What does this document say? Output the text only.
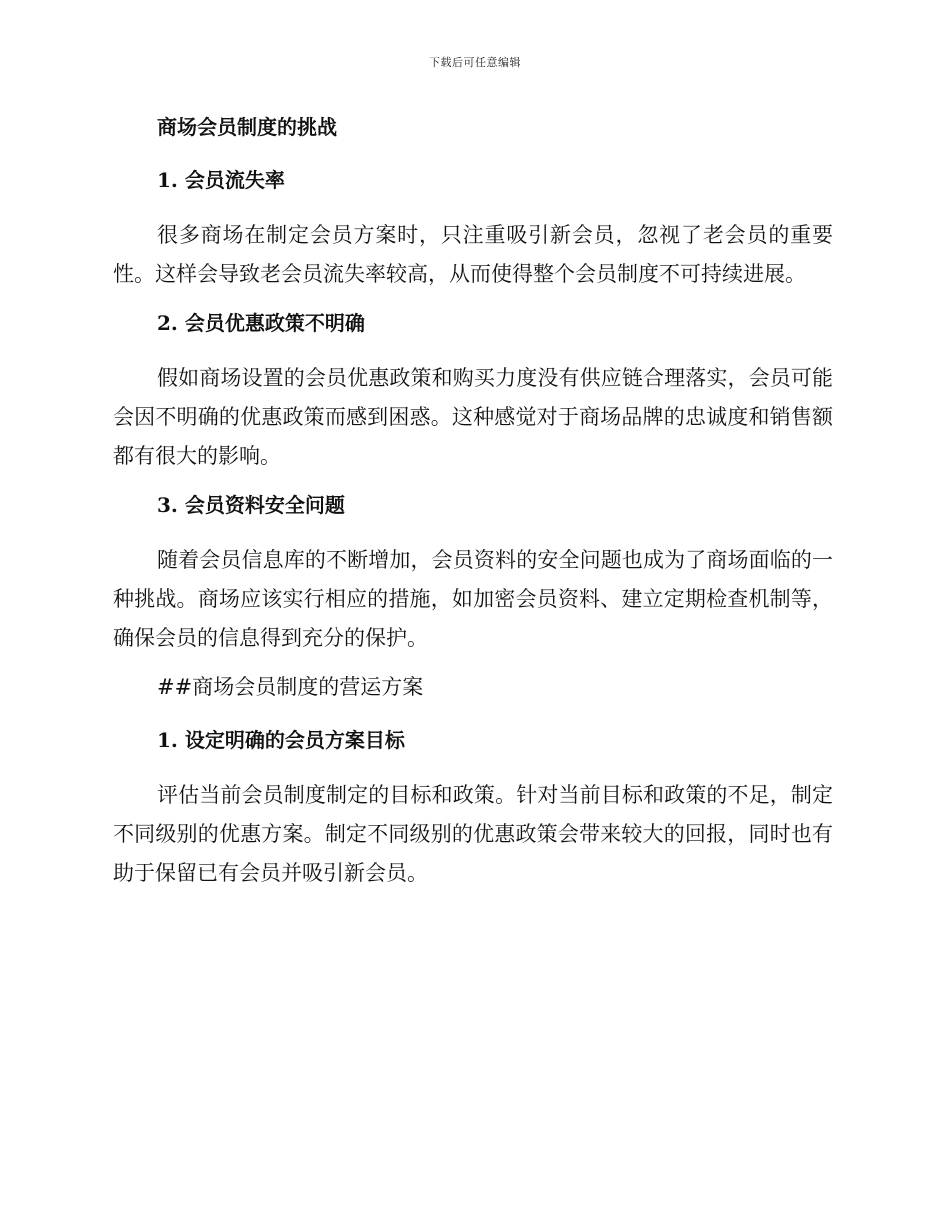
下载后可任意编辑
商场会员制度的挑战
1. 会员流失率

很多商场在制定会员方案时，只注重吸引新会员，忽视了老会员的重要性。这样会导致老会员流失率较高，从而使得整个会员制度不可持续进展。

2. 会员优惠政策不明确

假如商场设置的会员优惠政策和购买力度没有供应链合理落实，会员可能会因不明确的优惠政策而感到困惑。这种感觉对于商场品牌的忠诚度和销售额都有很大的影响。

3. 会员资料安全问题

随着会员信息库的不断增加，会员资料的安全问题也成为了商场面临的一种挑战。商场应该实行相应的措施，如加密会员资料、建立定期检查机制等，确保会员的信息得到充分的保护。

##商场会员制度的营运方案
1. 设定明确的会员方案目标

评估当前会员制度制定的目标和政策。针对当前目标和政策的不足，制定不同级别的优惠方案。制定不同级别的优惠政策会带来较大的回报，同时也有助于保留已有会员并吸引新会员。
